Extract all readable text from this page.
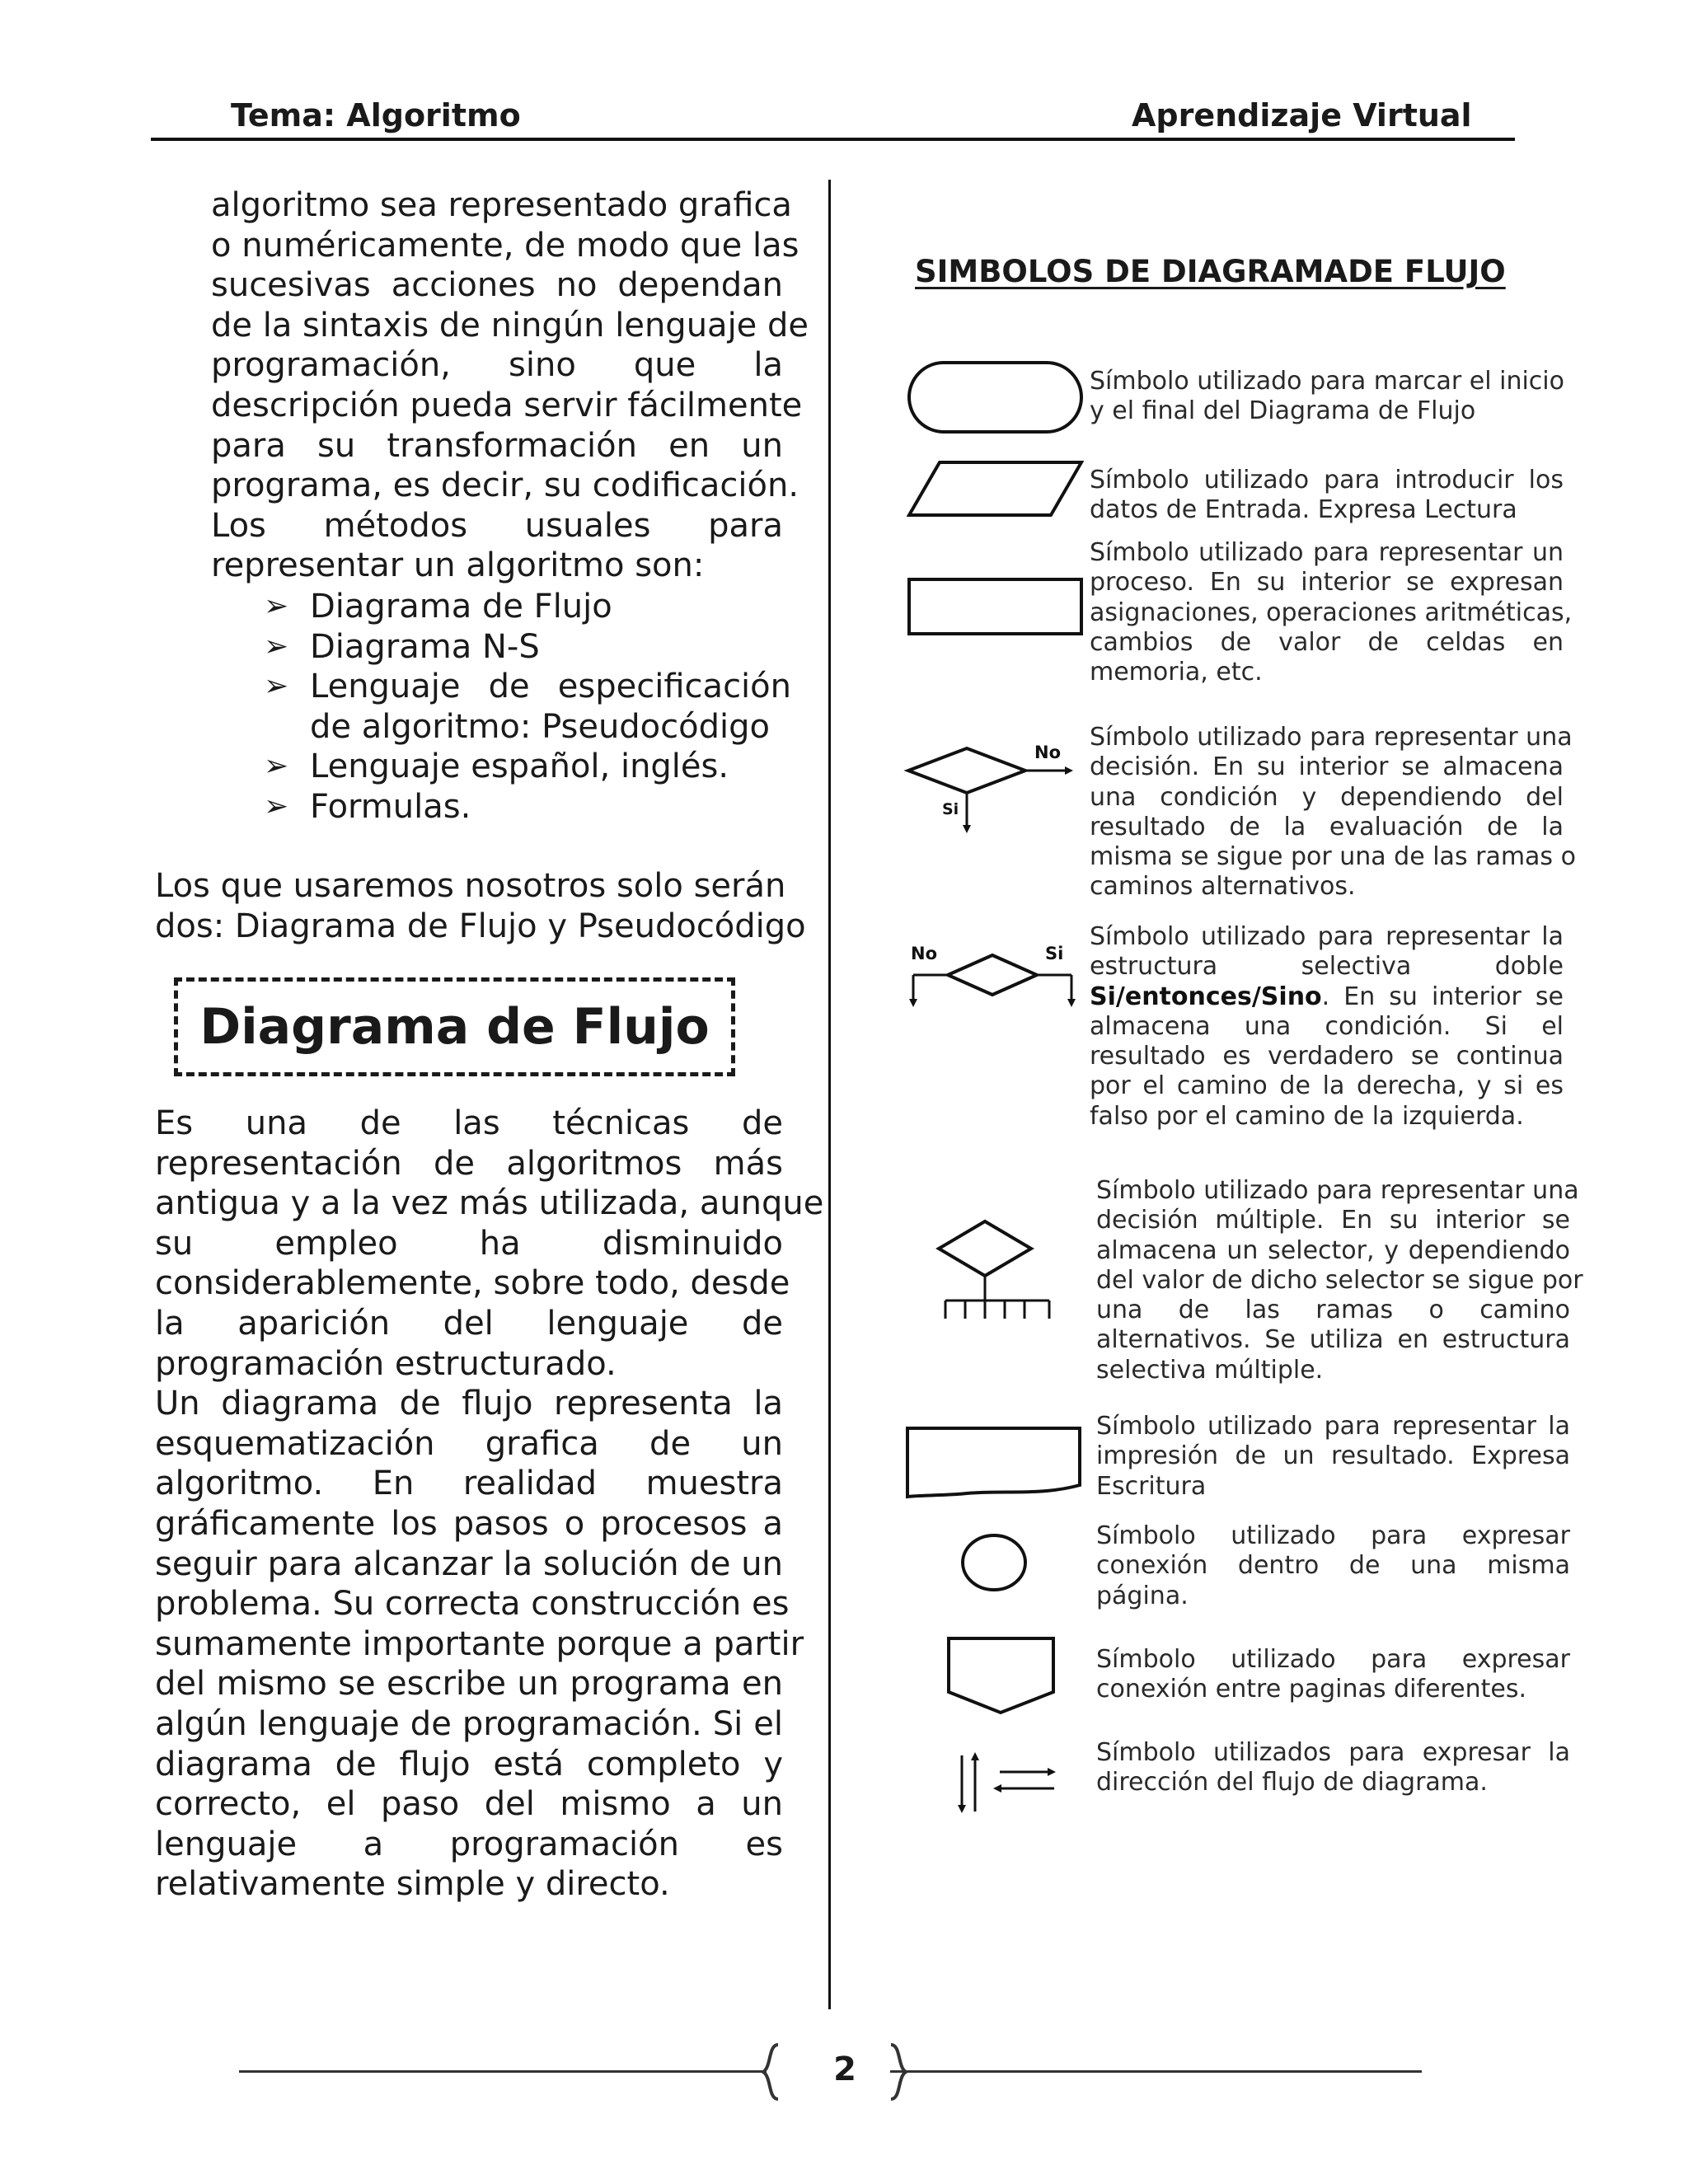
Tema: Algoritmo	Aprendizaje Virtual
algoritmo sea representado grafica
o numéricamente, de modo que las
sucesivas acciones no dependan
de la sintaxis de ningún lenguaje de
programación, sino que la
descripción pueda servir fácilmente
para su transformación en un
programa, es decir, su codificación.
Los métodos usuales para
representar un algoritmo son:
➢ Diagrama de Flujo
➢ Diagrama N-S
➢ Lenguaje de especificación
de algoritmo: Pseudocódigo
➢ Lenguaje español, inglés.
➢ Formulas.
Los que usaremos nosotros solo serán
dos: Diagrama de Flujo y Pseudocódigo
Diagrama de Flujo
Es una de las técnicas de
representación de algoritmos más
antigua y a la vez más utilizada, aunque
su empleo ha disminuido
considerablemente, sobre todo, desde
la aparición del lenguaje de
programación estructurado.
Un diagrama de flujo representa la
esquematización grafica de un
algoritmo. En realidad muestra
gráficamente los pasos o procesos a
seguir para alcanzar la solución de un
problema. Su correcta construcción es
sumamente importante porque a partir
del mismo se escribe un programa en
algún lenguaje de programación. Si el
diagrama de flujo está completo y
correcto, el paso del mismo a un
lenguaje a programación es
relativamente simple y directo.
SIMBOLOS DE DIAGRAMADE FLUJO
Símbolo utilizado para marcar el inicio
y el final del Diagrama de Flujo
Símbolo utilizado para introducir los
datos de Entrada. Expresa Lectura
Símbolo utilizado para representar un
proceso. En su interior se expresan
asignaciones, operaciones aritméticas,
cambios de valor de celdas en
memoria, etc.
No
Si
Símbolo utilizado para representar una
decisión. En su interior se almacena
una condición y dependiendo del
resultado de la evaluación de la
misma se sigue por una de las ramas o
caminos alternativos.
No	Si
Símbolo utilizado para representar la
estructura selectiva doble
Si/entonces/Sino. En su interior se
almacena una condición. Si el
resultado es verdadero se continua
por el camino de la derecha, y si es
falso por el camino de la izquierda.
Símbolo utilizado para representar una
decisión múltiple. En su interior se
almacena un selector, y dependiendo
del valor de dicho selector se sigue por
una de las ramas o camino
alternativos. Se utiliza en estructura
selectiva múltiple.
Símbolo utilizado para representar la
impresión de un resultado. Expresa
Escritura
Símbolo utilizado para expresar
conexión dentro de una misma
página.
Símbolo utilizado para expresar
conexión entre paginas diferentes.
Símbolo utilizados para expresar la
dirección del flujo de diagrama.
2
